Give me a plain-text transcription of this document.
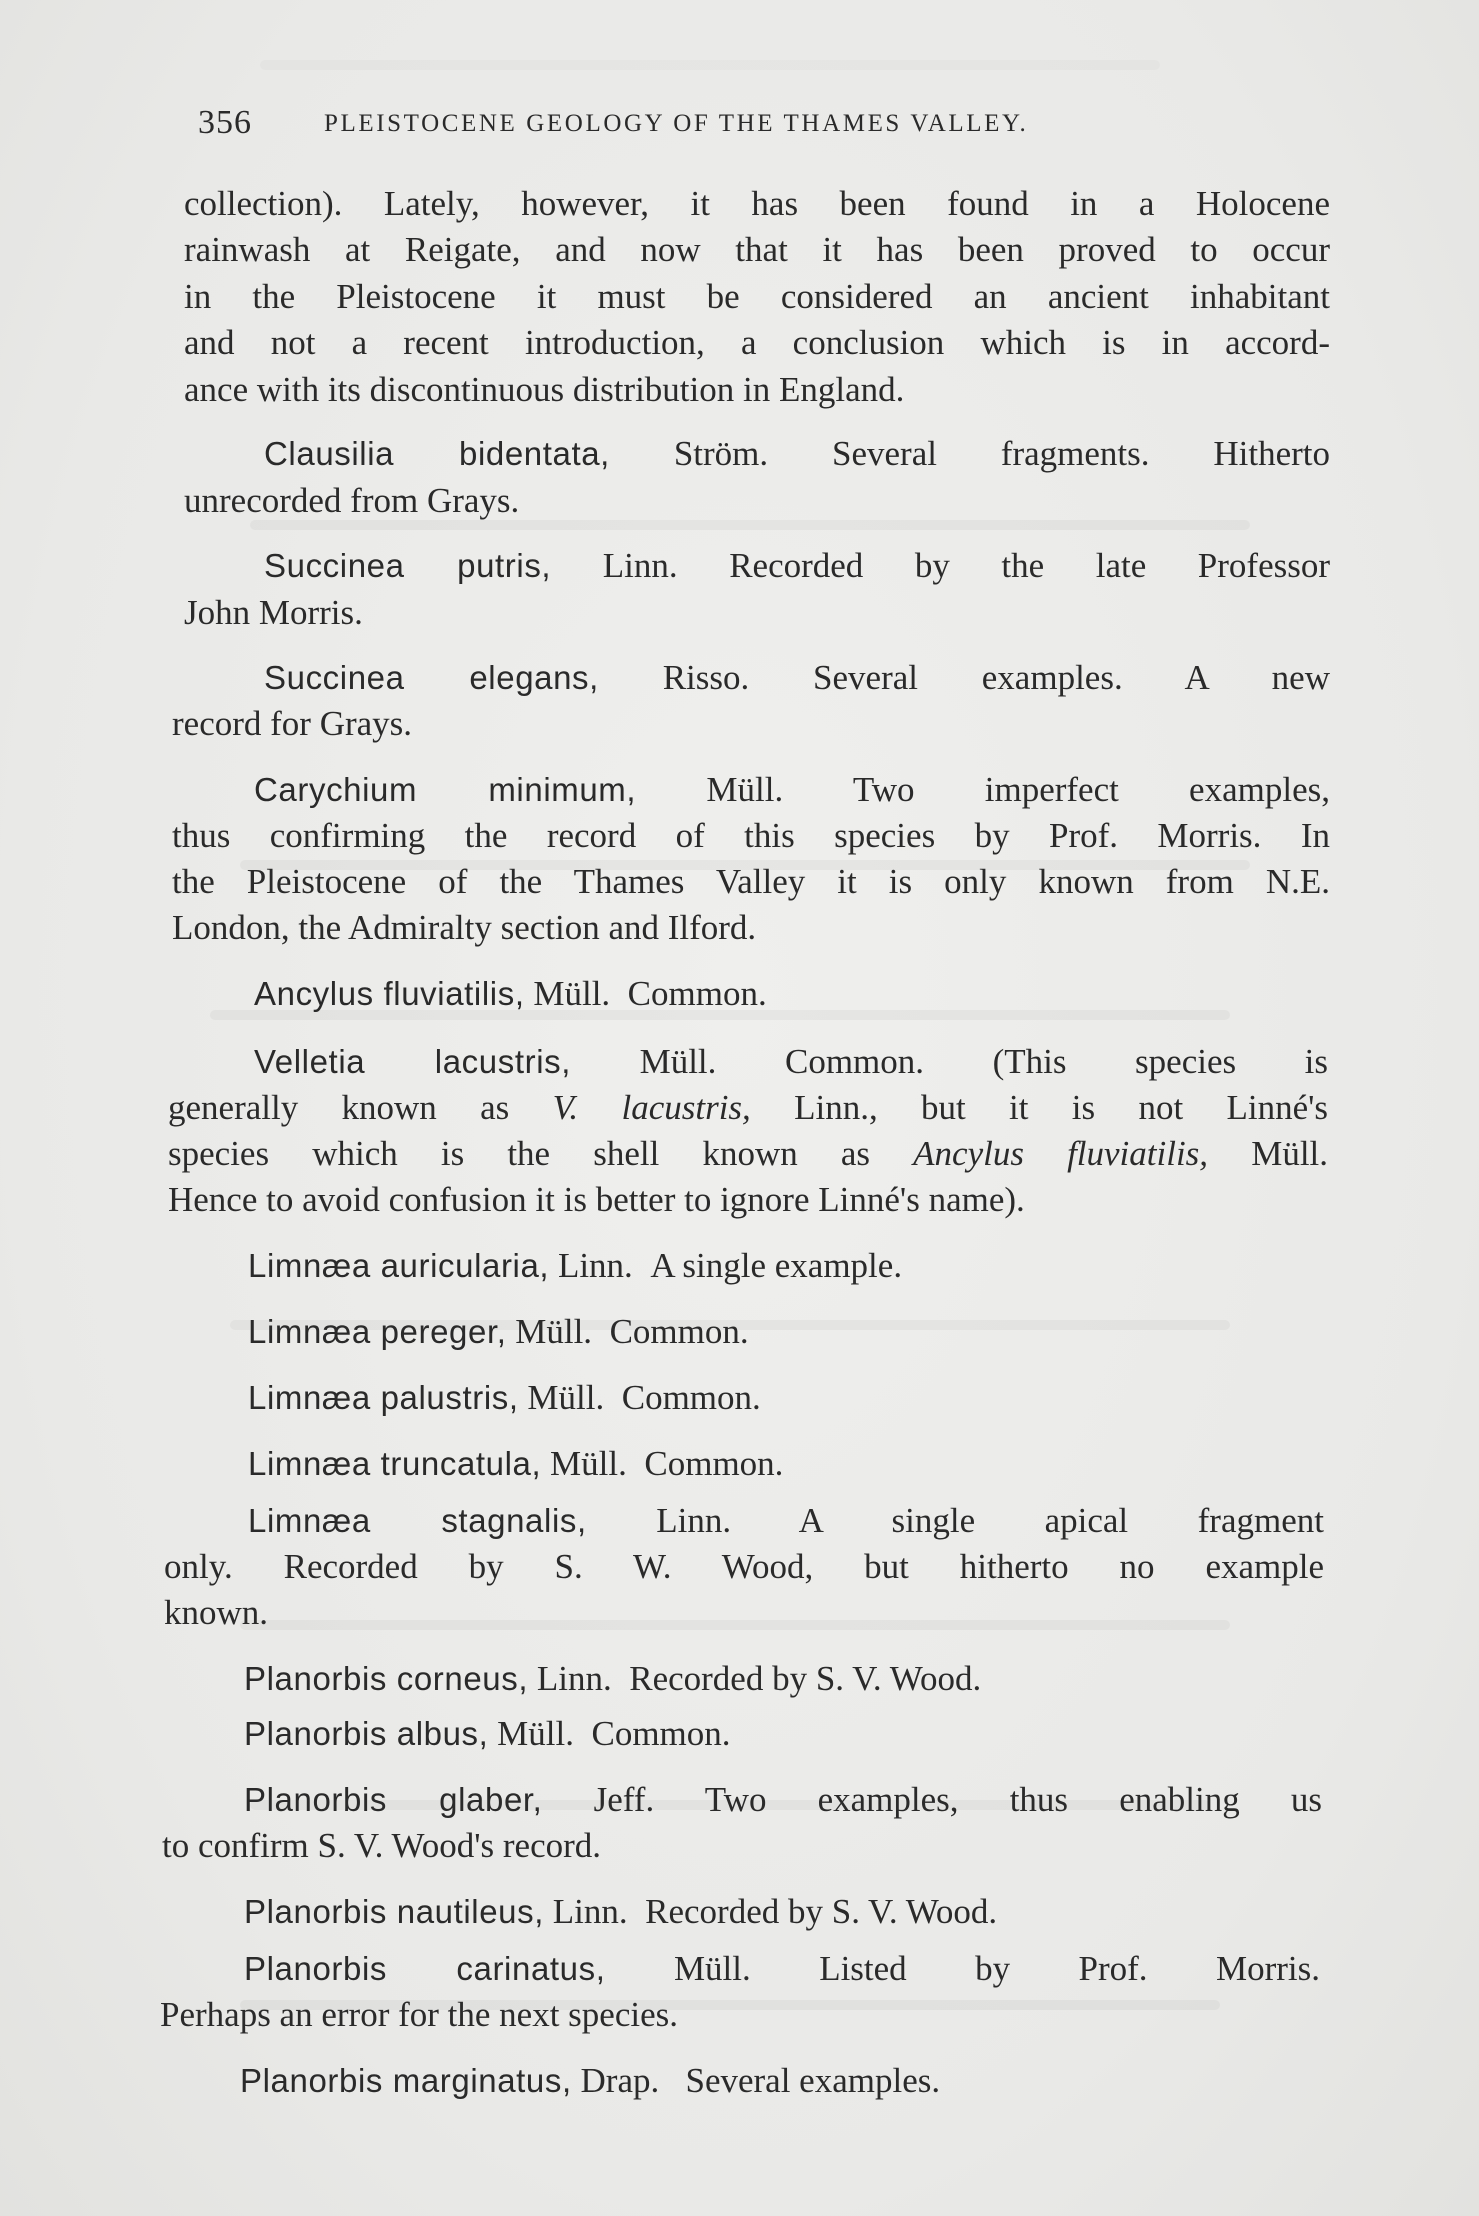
356	PLEISTOCENE GEOLOGY OF THE THAMES VALLEY.
collection). Lately, however, it has been found in a Holocene
rainwash at Reigate, and now that it has been proved to occur
in the Pleistocene it must be considered an ancient inhabitant
and not a recent introduction, a conclusion which is in accord-
ance with its discontinuous distribution in England.
Clausilia bidentata, Ström. Several fragments. Hitherto
unrecorded from Grays.
Succinea putris, Linn. Recorded by the late Professor
John Morris.
Succinea elegans, Risso. Several examples. A new
record for Grays.
Carychium minimum, Müll. Two imperfect examples,
thus confirming the record of this species by Prof. Morris. In
the Pleistocene of the Thames Valley it is only known from N.E.
London, the Admiralty section and Ilford.
Ancylus fluviatilis, Müll. Common.
Velletia lacustris, Müll. Common. (This species is
generally known as V. lacustris, Linn., but it is not Linné's
species which is the shell known as Ancylus fluviatilis, Müll.
Hence to avoid confusion it is better to ignore Linné's name).
Limnæa auricularia, Linn. A single example.
Limnæa pereger, Müll. Common.
Limnæa palustris, Müll. Common.
Limnæa truncatula, Müll. Common.
Limnæa stagnalis, Linn. A single apical fragment
only. Recorded by S. W. Wood, but hitherto no example
known.
Planorbis corneus, Linn. Recorded by S. V. Wood.
Planorbis albus, Müll. Common.
Planorbis glaber, Jeff. Two examples, thus enabling us
to confirm S. V. Wood's record.
Planorbis nautileus, Linn. Recorded by S. V. Wood.
Planorbis carinatus, Müll. Listed by Prof. Morris.
Perhaps an error for the next species.
Planorbis marginatus, Drap. Several examples.
